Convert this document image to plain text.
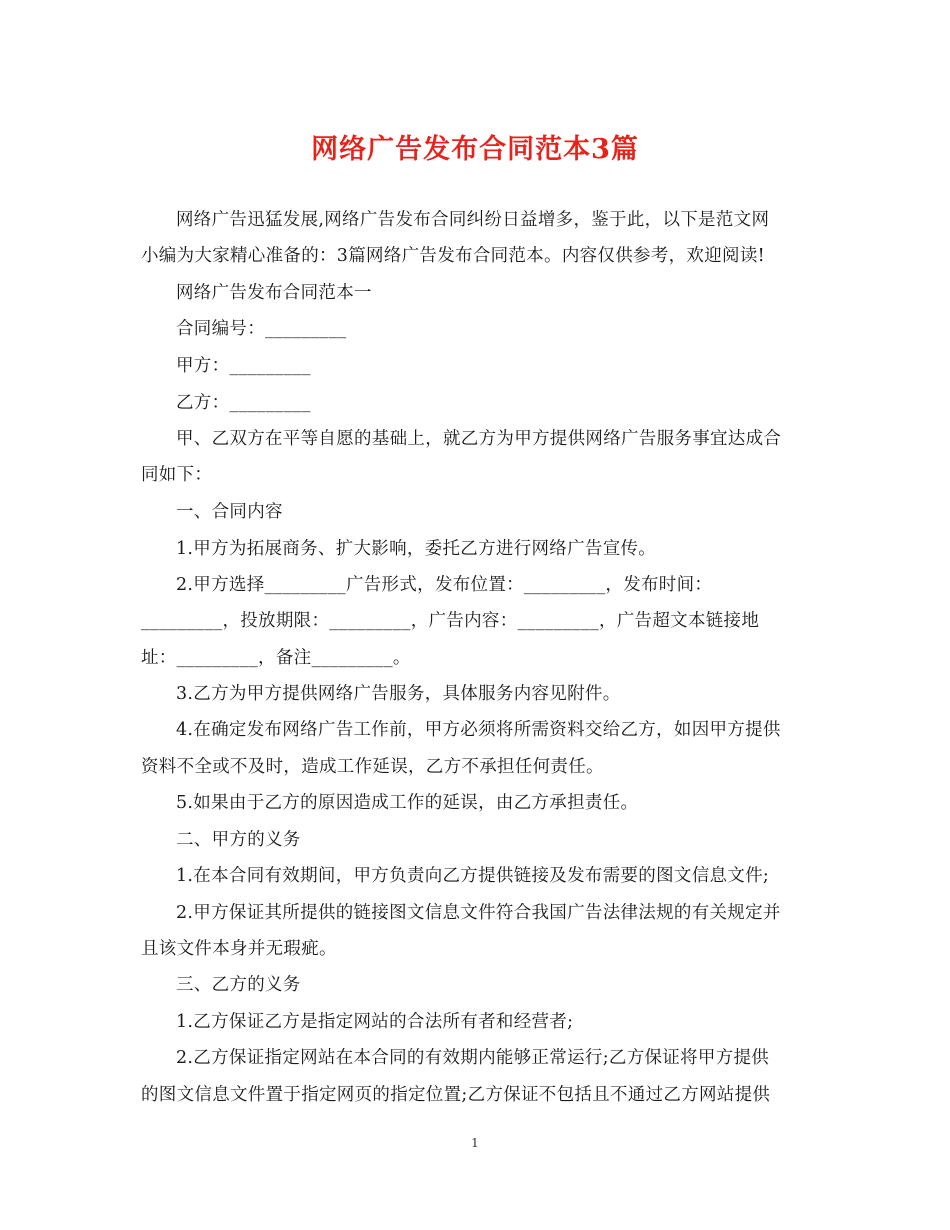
网络广告发布合同范本3篇
网络广告迅猛发展,网络广告发布合同纠纷日益增多，鉴于此，以下是范文网
小编为大家精心准备的：3篇网络广告发布合同范本。内容仅供参考，欢迎阅读!
网络广告发布合同范本一
合同编号：_________
甲方：_________
乙方：_________
甲、乙双方在平等自愿的基础上，就乙方为甲方提供网络广告服务事宜达成合
同如下：
一、合同内容
1.甲方为拓展商务、扩大影响，委托乙方进行网络广告宣传。
2.甲方选择_________广告形式，发布位置：_________，发布时间：
_________，投放期限：_________，广告内容：_________，广告超文本链接地
址：_________，备注_________。
3.乙方为甲方提供网络广告服务，具体服务内容见附件。
4.在确定发布网络广告工作前，甲方必须将所需资料交给乙方，如因甲方提供
资料不全或不及时，造成工作延误，乙方不承担任何责任。
5.如果由于乙方的原因造成工作的延误，由乙方承担责任。
二、甲方的义务
1.在本合同有效期间，甲方负责向乙方提供链接及发布需要的图文信息文件;
2.甲方保证其所提供的链接图文信息文件符合我国广告法律法规的有关规定并
且该文件本身并无瑕疵。
三、乙方的义务
1.乙方保证乙方是指定网站的合法所有者和经营者;
2.乙方保证指定网站在本合同的有效期内能够正常运行;乙方保证将甲方提供
的图文信息文件置于指定网页的指定位置;乙方保证不包括且不通过乙方网站提供
1
